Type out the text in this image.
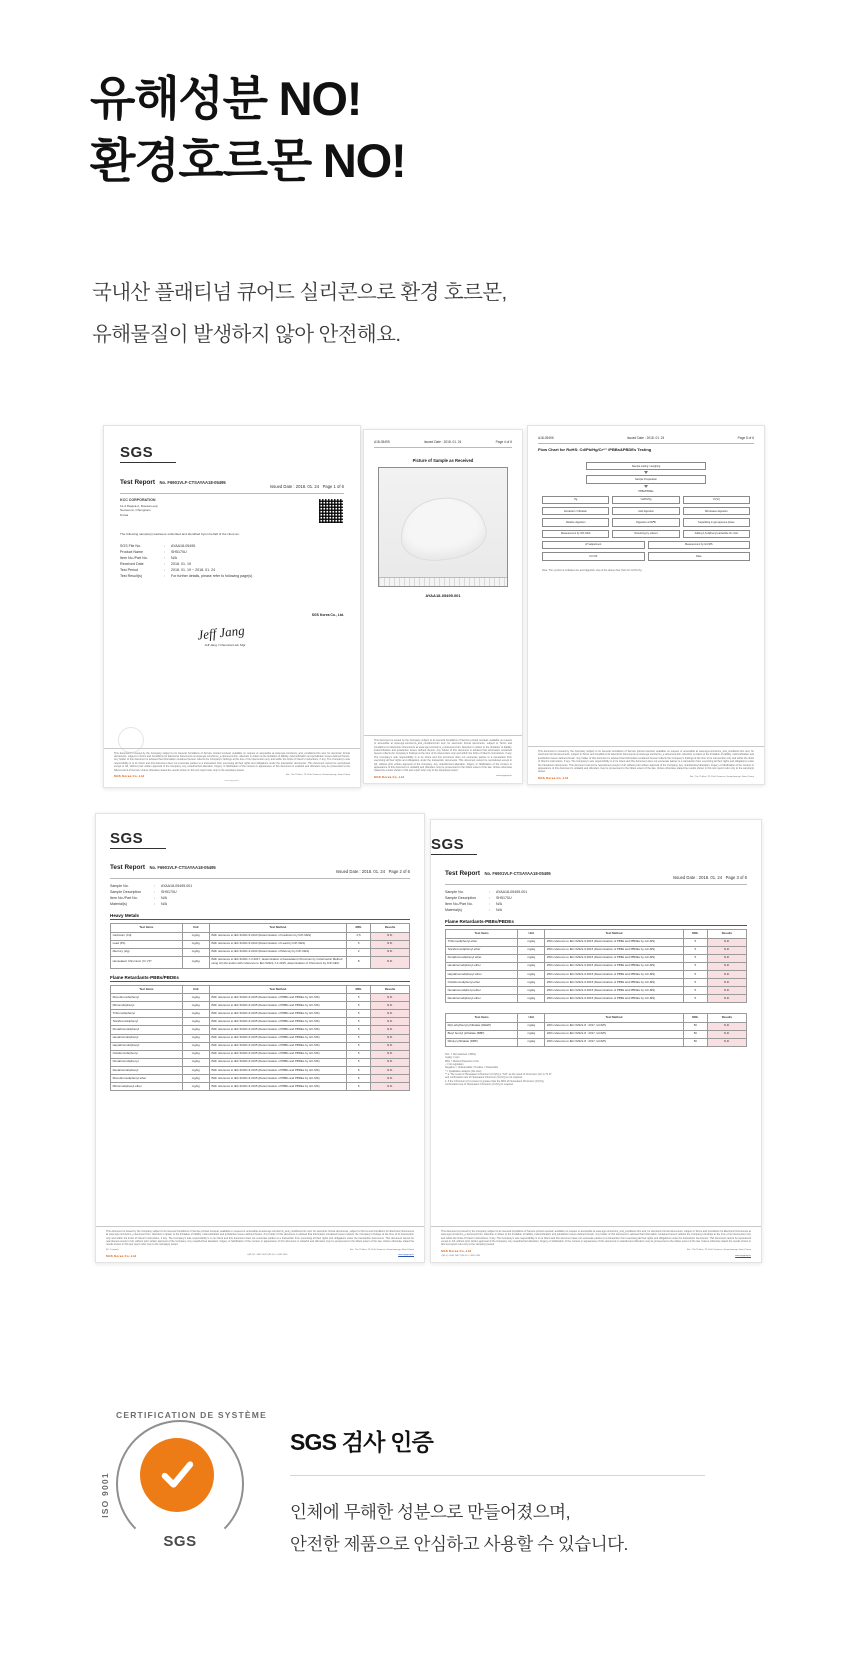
유해성분 NO!
환경호르몬 NO!
국내산 플래티넘 큐어드 실리콘으로 환경 호르몬,
유해물질이 발생하지 않아 안전해요.
SGS
Test Report No. F6901VLF-CTSAYAA18-05495
Issued Date : 2018. 01. 24 Page 1 of 6
KCC CORPORATION
11-4 Daejuk-ri, Daesan-eup
Seosan-si, Chungnam
Korea
The following sample(s) was/were submitted and identified by/on behalf of the client as :
SGS File No.	:	AYAA18-05495
Product Name	:	SH5170U
Item No./Part No.	:	N/A
Received Date	:	2018. 01. 19
Test Period	:	2018. 01. 19 ~ 2018. 01. 24
Test Result(s)	:	For further details, please refer to following page(s)
SGS Korea Co., Ltd.
Jeff Jang
Jeff Jang / Chemical Lab. Mgr
This document is issued by the Company subject to its General Conditions of Service printed overleaf, available on request or accessible at www.sgs.com/terms_and_conditions.htm and, for electronic format documents, subject to Terms and Conditions for Electronic Documents at www.sgs.com/terms_e-document.htm. Attention is drawn to the limitation of liability, indemnification and jurisdiction issues defined therein. Any holder of this document is advised that information contained hereon reflects the Company's findings at the time of its intervention only and within the limits of Client's instructions, if any. The Company's sole responsibility is to its Client and this document does not exonerate parties to a transaction from exercising all their rights and obligations under the transaction documents. This document cannot be reproduced except in full, without prior written approval of the Company. Any unauthorized alteration, forgery or falsification of the content or appearance of this document is unlawful and offenders may be prosecuted to the fullest extent of the law. Unless otherwise stated the results shown in this test report refer only to the sample(s) tested.
SGS Korea Co.,Ltd	Ent., The IT office, 78, 10-til, Gasan-ro, Geumcheon-gu, Seoul, Korea
www.sgsgroup.kr
A18-05495	Issued Date : 2018. 01. 24	Page 4 of 6
Picture of Sample as Received
AYAA18-05495.001
This document is issued by the Company subject to its General Conditions of Service printed overleaf, available on request or accessible at www.sgs.com/terms_and_conditions.htm and, for electronic format documents, subject to Terms and Conditions for Electronic Documents at www.sgs.com/terms_e-document.htm. Attention is drawn to the limitation of liability, indemnification and jurisdiction issues defined therein. Any holder of this document is advised that information contained hereon reflects the Company's findings at the time of its intervention only and within the limits of Client's instructions, if any. The Company's sole responsibility is to its Client and this document does not exonerate parties to a transaction from exercising all their rights and obligations under the transaction documents. This document cannot be reproduced except in full, without prior written approval of the Company. Any unauthorized alteration, forgery or falsification of the content or appearance of this document is unlawful and offenders may be prosecuted to the fullest extent of the law. Unless otherwise stated the results shown in this test report refer only to the sample(s) tested.
SGS Korea Co.,Ltd	www.sgsgroup.kr
A18-05495	Issued Date : 2018. 01. 24	Page 5 of 6
Flow Chart for RoHS: Cd/Pb/Hg/Cr⁶⁺ /PBBs&PBDEs Testing
Sample cutting / weighing
Sample Preparation
PBBs/PBDEs
Hg	Cd/Pb/Hg	Cr(VI)
Extraction / Filtration	Acid digestion	Microwave digestion
Alkaline digestion	Digestion at 90℃	Separating in gel aqueous phase
Measurement by ICP-OES	Dissolving by solvent	Adding 1,5-diphenyl-carbazide for color
pH adjustment	Measurement by GC/MS
UV-VIS	Data
Note: The symbol ※ indicates the acid digestion step of the above flow chart for Cd,Pb,Hg
This document is issued by the Company subject to its General Conditions of Service printed overleaf, available on request or accessible at www.sgs.com/terms_and_conditions.htm and, for electronic format documents, subject to Terms and Conditions for Electronic Documents at www.sgs.com/terms_e-document.htm. Attention is drawn to the limitation of liability, indemnification and jurisdiction issues defined therein. Any holder of this document is advised that information contained hereon reflects the Company's findings at the time of its intervention only and within the limits of Client's instructions, if any. The Company's sole responsibility is to its Client and this document does not exonerate parties to a transaction from exercising all their rights and obligations under the transaction documents. This document cannot be reproduced except in full, without prior written approval of the Company. Any unauthorized alteration, forgery or falsification of the content or appearance of this document is unlawful and offenders may be prosecuted to the fullest extent of the law. Unless otherwise stated the results shown in this test report refer only to the sample(s) tested.
SGS Korea Co.,Ltd	Ent., The IT office, 78, 10-til, Gasan-ro, Geumcheon-gu, Seoul, Korea
SGS
Test Report No. F6901VLF-CTSAYAA18-05495
Issued Date : 2018. 01. 24 Page 2 of 6
Sample No.	:	AYAA18-05495.001
Sample Description	:	SH5170U
Item No./Part No.	:	N/A
Material(s)	:	N/A
Heavy Metals
Test Items	Unit	Test Method	MDL	Results
Cadmium (Cd)	mg/kg	With reference to IEC 62321-5:2013 (Determination of Cadmium by ICP-OES)	0.5	N.D.
Lead (Pb)	mg/kg	With reference to IEC 62321-5:2013 (Determination of Lead by ICP-OES)	5	N.D.
Mercury (Hg)	mg/kg	With reference to IEC 62321-4:2013 (Determination of Mercury by ICP-OES)	2	N.D.
Hexavalent Chromium (Cr VI)*	mg/kg	With reference to IEC 62321-7-2:2017, determination of Hexavalent Chromium by Colorimetric Method using UV-Vis and/or with reference to IEC 62321-7-1:2015, determination of Chromium by ICP-OES.	8	N.D.
Flame Retardants-PBBs/PBDEs
Test Items	Unit	Test Method	MDL	Results
Monobromobiphenyl	mg/kg	With reference to IEC 62321-6:2015 (Determination of PBBs and PBDEs by GC-MS)	5	N.D.
Dibromobiphenyl	mg/kg	With reference to IEC 62321-6:2015 (Determination of PBBs and PBDEs by GC-MS)	5	N.D.
Tribromobiphenyl	mg/kg	With reference to IEC 62321-6:2015 (Determination of PBBs and PBDEs by GC-MS)	5	N.D.
Tetrabromobiphenyl	mg/kg	With reference to IEC 62321-6:2015 (Determination of PBBs and PBDEs by GC-MS)	5	N.D.
Pentabromobiphenyl	mg/kg	With reference to IEC 62321-6:2015 (Determination of PBBs and PBDEs by GC-MS)	5	N.D.
Hexabromobiphenyl	mg/kg	With reference to IEC 62321-6:2015 (Determination of PBBs and PBDEs by GC-MS)	5	N.D.
Heptabromobiphenyl	mg/kg	With reference to IEC 62321-6:2015 (Determination of PBBs and PBDEs by GC-MS)	5	N.D.
Octabromobiphenyl	mg/kg	With reference to IEC 62321-6:2015 (Determination of PBBs and PBDEs by GC-MS)	5	N.D.
Nonabromobiphenyl	mg/kg	With reference to IEC 62321-6:2015 (Determination of PBBs and PBDEs by GC-MS)	5	N.D.
Decabromobiphenyl	mg/kg	With reference to IEC 62321-6:2015 (Determination of PBBs and PBDEs by GC-MS)	5	N.D.
Monobromodiphenyl ether	mg/kg	With reference to IEC 62321-6:2015 (Determination of PBBs and PBDEs by GC-MS)	5	N.D.
Dibromodiphenyl ether	mg/kg	With reference to IEC 62321-6:2015 (Determination of PBBs and PBDEs by GC-MS)	5	N.D.
This document is issued by the Company subject to its General Conditions of Service printed overleaf, available on request or accessible at www.sgs.com/terms_and_conditions.htm and, for electronic format documents, subject to Terms and Conditions for Electronic Documents at www.sgs.com/terms_e-document.htm. Attention is drawn to the limitation of liability, indemnification and jurisdiction issues defined therein. Any holder of this document is advised that information contained hereon reflects the Company's findings at the time of its intervention only and within the limits of Client's instructions, if any. The Company's sole responsibility is to its Client and this document does not exonerate parties to a transaction from exercising all their rights and obligations under the transaction documents. This document cannot be reproduced except in full, without prior written approval of the Company. Any unauthorized alteration, forgery or falsification of the content or appearance of this document is unlawful and offenders may be prosecuted to the fullest extent of the law. Unless otherwise stated the results shown in this test report refer only to the sample(s) tested.
KF- 1 (report)	Ent., The IT office, 78, 10-til, Gasan-ro, Geumcheon-gu, Seoul, Korea
SGS Korea Co.,Ltd	t (82-2)2 - 6095 1442 f (82-2)-2 - 6095 1420	www.sgsgroup.kr
SGS
Test Report No. F6901VLF-CTSAYAA18-05495
Issued Date : 2018. 01. 24 Page 3 of 6
Sample No.	:	AYAA18-05495.001
Sample Description	:	SH5170U
Item No./Part No.	:	N/A
Material(s)	:	N/A
Flame Retardants-PBBs/PBDEs
Test Items	Unit	Test Method	MDL	Results
Tribromodiphenyl ether	mg/kg	With reference to IEC 62321-6:2015 (Determination of PBBs and PBDEs by GC-MS)	5	N.D.
Tetrabromodiphenyl ether	mg/kg	With reference to IEC 62321-6:2015 (Determination of PBBs and PBDEs by GC-MS)	5	N.D.
Pentabromodiphenyl ether	mg/kg	With reference to IEC 62321-6:2015 (Determination of PBBs and PBDEs by GC-MS)	5	N.D.
Hexabromodiphenyl ether	mg/kg	With reference to IEC 62321-6:2015 (Determination of PBBs and PBDEs by GC-MS)	5	N.D.
Heptabromodiphenyl ether	mg/kg	With reference to IEC 62321-6:2015 (Determination of PBBs and PBDEs by GC-MS)	5	N.D.
Octabromodiphenyl ether	mg/kg	With reference to IEC 62321-6:2015 (Determination of PBBs and PBDEs by GC-MS)	5	N.D.
Nonabromodiphenyl ether	mg/kg	With reference to IEC 62321-6:2015 (Determination of PBBs and PBDEs by GC-MS)	5	N.D.
Decabromodiphenyl ether	mg/kg	With reference to IEC 62321-6:2015 (Determination of PBBs and PBDEs by GC-MS)	5	N.D.
Test Items	Unit	Test Method	MDL	Results
Di(2-ethylhexyl) phthalate (DEHP)	mg/kg	With reference to IEC 62321-8 : 2017, GC/MS	50	N.D.
Butyl benzyl phthalate (BBP)	mg/kg	With reference to IEC 62321-8 : 2017, GC/MS	50	N.D.
Dibutyl phthalate (DBP)	mg/kg	With reference to IEC 62321-8 : 2017, GC/MS	50	N.D.
N.D. = Not detected (<MDL)
mg/kg = ppm
MDL = Method Detection Limit
- = No regulation
Negative = Undetectable / Positive = Detectable
* = Qualitative analysis (No Line)
** a. The result of Hexavalent Chromium (Cr(VI)) is "N.D" as the result of Chromium (Cr) is "N.D",
and confirmation test of Hexavalent Chromium (Cr(VI)) is not required.
b. If the Chromium (Cr) content is greater than the MDL of Hexavalent Chromium (Cr(VI)),
confirmation test of Hexavalent Chromium (Cr(VI)) is required.
This document is issued by the Company subject to its General Conditions of Service printed overleaf, available on request or accessible at www.sgs.com/terms_and_conditions.htm and, for electronic format documents, subject to Terms and Conditions for Electronic Documents at www.sgs.com/terms_e-document.htm. Attention is drawn to the limitation of liability, indemnification and jurisdiction issues defined therein. Any holder of this document is advised that information contained hereon reflects the Company's findings at the time of its intervention only and within the limits of Client's instructions, if any. The Company's sole responsibility is to its Client and this document does not exonerate parties to a transaction from exercising all their rights and obligations under the transaction documents. This document cannot be reproduced except in full, without prior written approval of the Company. Any unauthorized alteration, forgery or falsification of the content or appearance of this document is unlawful and offenders may be prosecuted to the fullest extent of the law. Unless otherwise stated the results shown in this test report refer only to the sample(s) tested.
SGS Korea Co.,Ltd	Ent., The IT office, 78, 10-til, Gasan-ro, Geumcheon-gu, Seoul, Korea
t (82-2) - 6095 1442 f (82-2)-2 - 6095 1420	www.sgsgroup.kr
CERTIFICATION DE SYSTÈME
ISO 9001
SGS
SGS 검사 인증
인체에 무해한 성분으로 만들어졌으며,
안전한 제품으로 안심하고 사용할 수 있습니다.
